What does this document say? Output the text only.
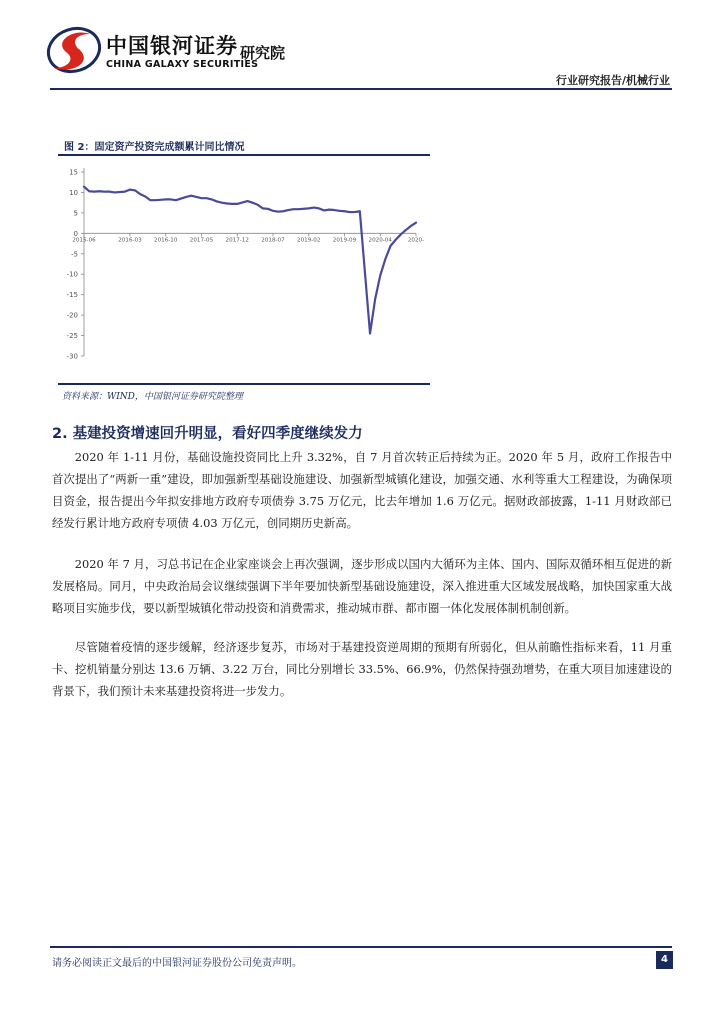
中国银河证券 研究院
CHINA GALAXY SECURITIES
行业研究报告/机械行业
图 2：固定资产投资完成额累计同比情况
15
10
5
0
-5
-10
-15
-20
-25
-30
2015-06	2016-03 2016-10 2017-05 2017-12 2018-07 2019-02 2019-09 2020-04	2020-
资料来源：WIND，中国银河证券研究院整理
2. 基建投资增速回升明显，看好四季度继续发力
2020 年 1-11 月份，基础设施投资同比上升 3.32%，自 7 月首次转正后持续为正。2020 年 5 月，政府工作报告中首次提出了“两新一重”建设，即加强新型基础设施建设、加强新型城镇化建设，加强交通、水利等重大工程建设，为确保项目资金，报告提出今年拟安排地方政府专项债券 3.75 万亿元，比去年增加 1.6 万亿元。据财政部披露，1-11 月财政部已经发行累计地方政府专项债 4.03 万亿元，创同期历史新高。
2020 年 7 月，习总书记在企业家座谈会上再次强调，逐步形成以国内大循环为主体、国内、国际双循环相互促进的新发展格局。同月，中央政治局会议继续强调下半年要加快新型基础设施建设，深入推进重大区域发展战略，加快国家重大战略项目实施步伐，要以新型城镇化带动投资和消费需求，推动城市群、都市圈一体化发展体制机制创新。
尽管随着疫情的逐步缓解，经济逐步复苏，市场对于基建投资逆周期的预期有所弱化，但从前瞻性指标来看，11 月重卡、挖机销量分别达 13.6 万辆、3.22 万台，同比分别增长 33.5%、66.9%，仍然保持强劲增势，在重大项目加速建设的背景下，我们预计未来基建投资将进一步发力。
请务必阅读正文最后的中国银河证券股份公司免责声明。	4
